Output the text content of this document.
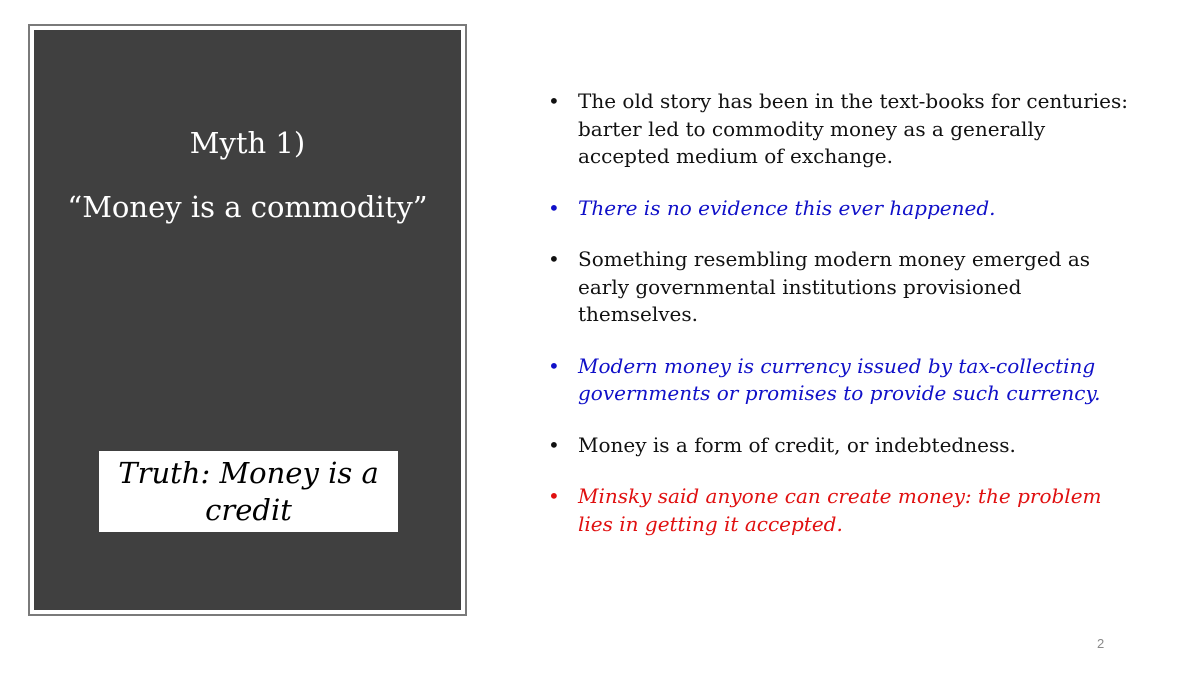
Myth 1)
“Money is a commodity”
Truth: Money is a
credit
• The old story has been in the text-books for centuries:
barter led to commodity money as a generally
accepted medium of exchange.
• There is no evidence this ever happened.
• Something resembling modern money emerged as
early governmental institutions provisioned
themselves.
• Modern money is currency issued by tax-collecting
governments or promises to provide such currency.
• Money is a form of credit, or indebtedness.
• Minsky said anyone can create money: the problem
lies in getting it accepted.
2
